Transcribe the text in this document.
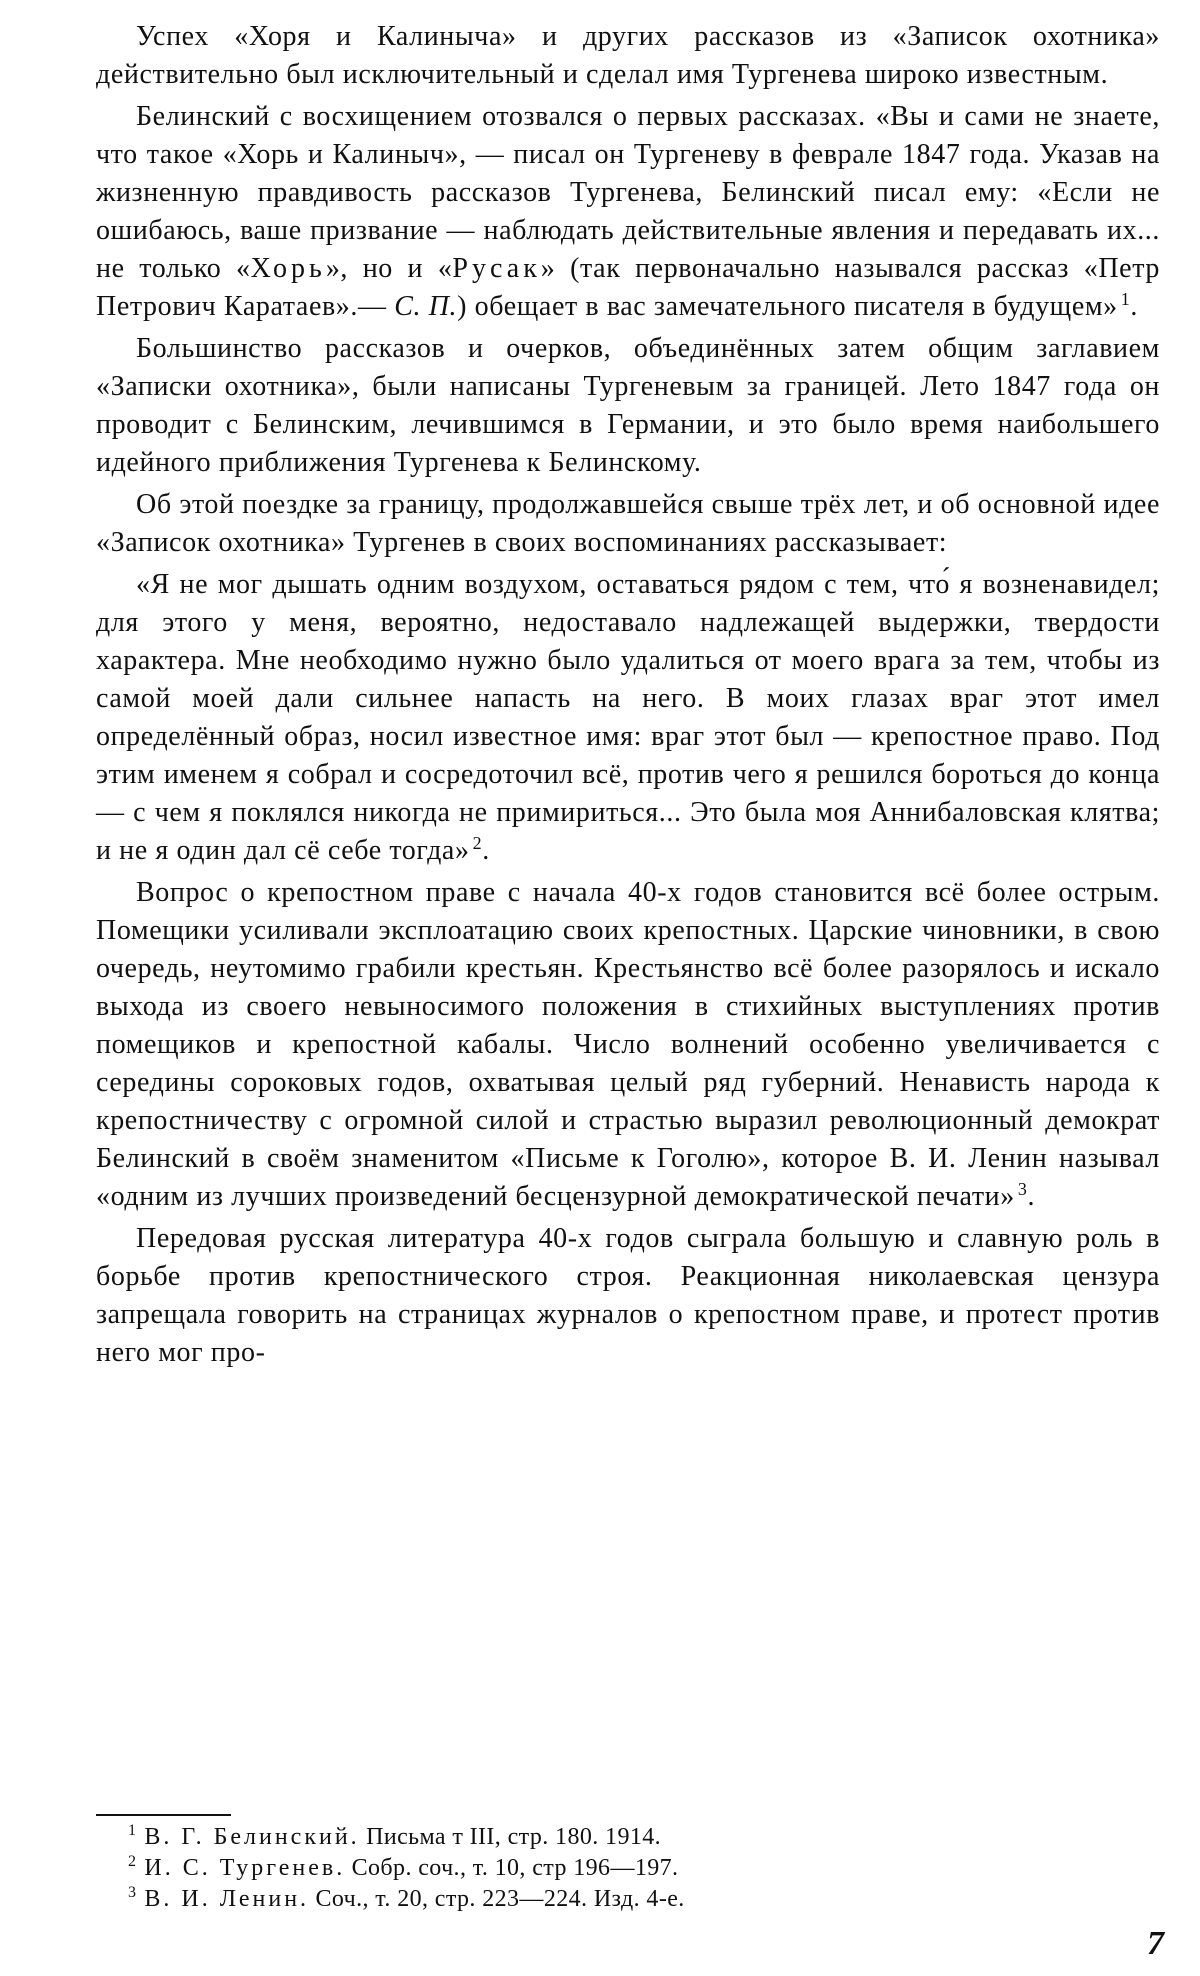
Успех «Хоря и Калиныча» и других рассказов из «Записок охотника» действительно был исключительный и сделал имя Тургенева широко известным.

Белинский с восхищением отозвался о первых рассказах. «Вы и сами не знаете, что такое «Хорь и Калиныч», — писал он Тургеневу в феврале 1847 года. Указав на жизненную правдивость рассказов Тургенева, Белинский писал ему: «Если не ошибаюсь, ваше призвание — наблюдать действительные явления и передавать их... не только «Хорь», но и «Русак» (так первоначально назывался рассказ «Петр Петрович Каратаев».— С. П.) обещает в вас замечательного писателя в будущем» $^1$.

Большинство рассказов и очерков, объединённых затем общим заглавием «Записки охотника», были написаны Тургеневым за границей. Лето 1847 года он проводит с Белинским, лечившимся в Германии, и это было время наибольшего идейного приближения Тургенева к Белинскому.

Об этой поездке за границу, продолжавшейся свыше трёх лет, и об основной идее «Записок охотника» Тургенев в своих воспоминаниях рассказывает:

«Я не мог дышать одним воздухом, оставаться рядом с тем, что́ я возненавидел; для этого у меня, вероятно, недоставало надлежащей выдержки, твердости характера. Мне необходимо нужно было удалиться от моего врага за тем, чтобы из самой моей дали сильнее напасть на него. В моих глазах враг этот имел определённый образ, носил известное имя: враг этот был — крепостное право. Под этим именем я собрал и сосредоточил всё, против чего я решился бороться до конца — с чем я поклялся никогда не примириться... Это была моя Аннибаловская клятва; и не я один дал сё себе тогда» $^2$.

Вопрос о крепостном праве с начала 40-х годов становится всё более острым. Помещики усиливали эксплоатацию своих крепостных. Царские чиновники, в свою очередь, неутомимо грабили крестьян. Крестьянство всё более разорялось и искало выхода из своего невыносимого положения в стихийных выступлениях против помещиков и крепостной кабалы. Число волнений особенно увеличивается с середины сороковых годов, охватывая целый ряд губерний. Ненависть народа к крепостничеству с огромной силой и страстью выразил революционный демократ Белинский в своём знаменитом «Письме к Гоголю», которое В. И. Ленин называл «одним из лучших произведений бесцензурной демократической печати» $^3$.

Передовая русская литература 40-х годов сыграла большую и славную роль в борьбе против крепостнического строя. Реакционная николаевская цензура запрещала говорить на страницах журналов о крепостном праве, и протест против него мог про-

$^1$ В. Г. Белинский. Письма т III, стр. 180. 1914.

$^2$ И. С. Тургенев. Собр. соч., т. 10, стр 196—197.

$^3$ В. И. Ленин. Соч., т. 20, стр. 223—224. Изд. 4-е.

7
